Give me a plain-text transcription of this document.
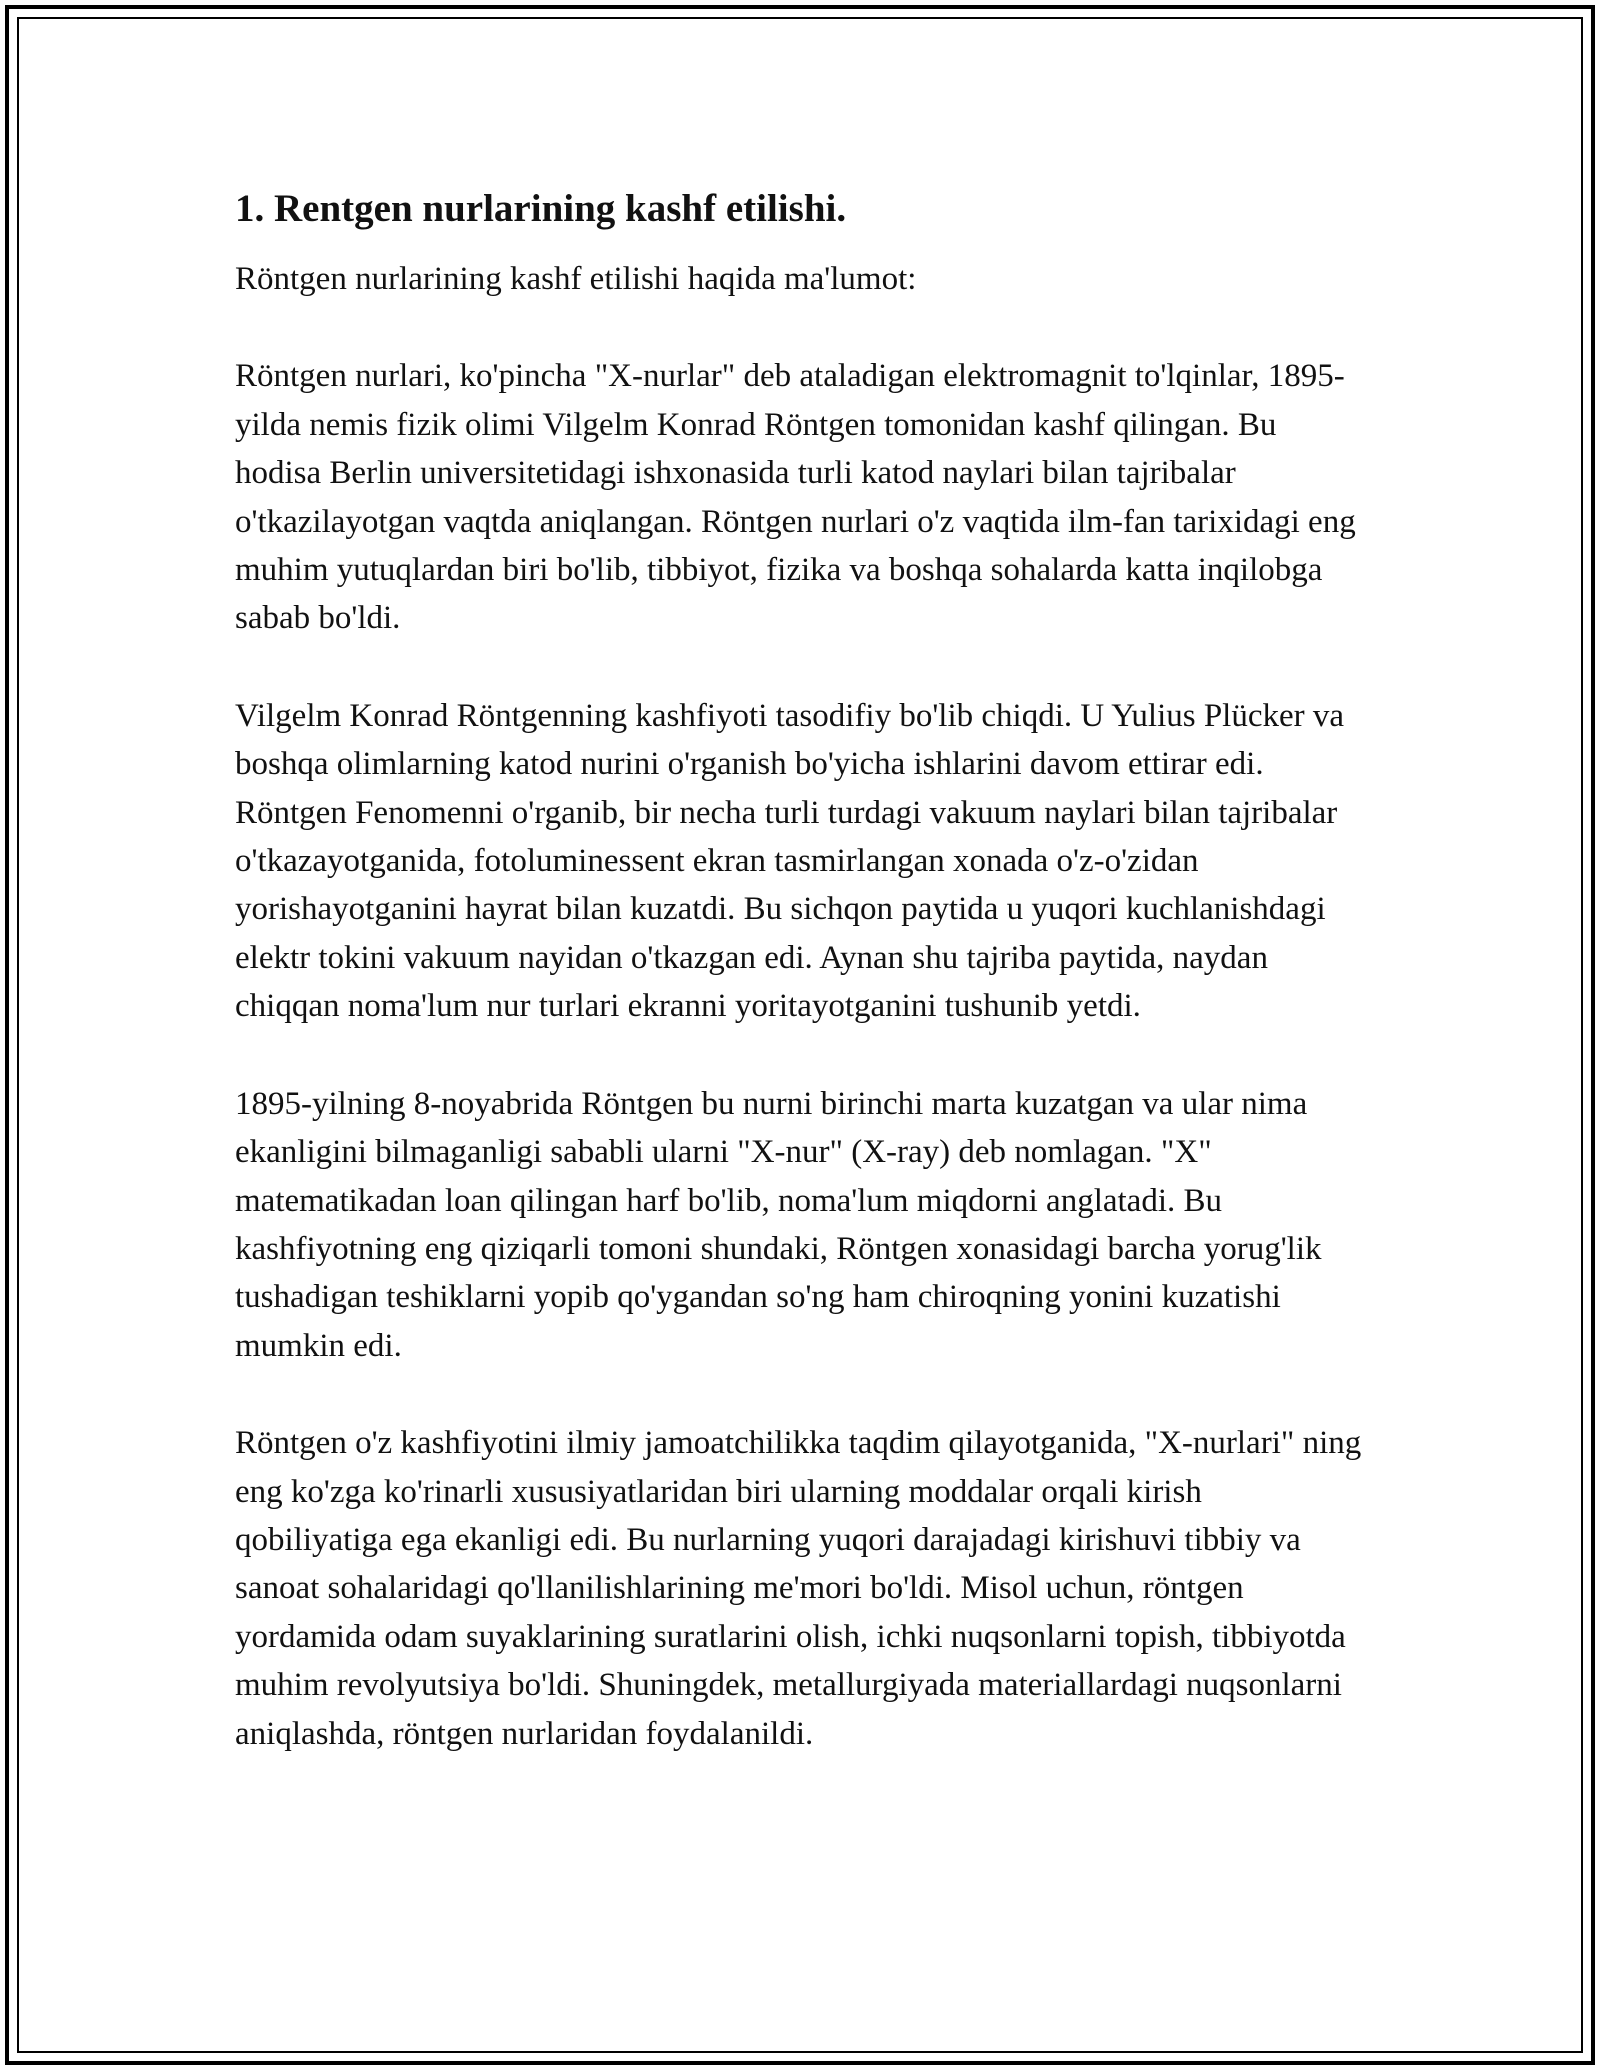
1. Rentgen nurlarining kashf etilishi.

Röntgen nurlarining kashf etilishi haqida ma'lumot:

Röntgen nurlari, ko'pincha "X-nurlar" deb ataladigan elektromagnit to'lqinlar, 1895-yilda nemis fizik olimi Vilgelm Konrad Röntgen tomonidan kashf qilingan. Bu hodisa Berlin universitetidagi ishxonasida turli katod naylari bilan tajribalar o'tkazilayotgan vaqtda aniqlangan. Röntgen nurlari o'z vaqtida ilm-fan tarixidagi eng muhim yutuqlardan biri bo'lib, tibbiyot, fizika va boshqa sohalarda katta inqilobga sabab bo'ldi.

Vilgelm Konrad Röntgenning kashfiyoti tasodifiy bo'lib chiqdi. U Yulius Plücker va boshqa olimlarning katod nurini o'rganish bo'yicha ishlarini davom ettirar edi. Röntgen Fenomenni o'rganib, bir necha turli turdagi vakuum naylari bilan tajribalar o'tkazayotganida, fotoluminessent ekran tasmirlangan xonada o'z-o'zidan yorishayotganini hayrat bilan kuzatdi. Bu sichqon paytida u yuqori kuchlanishdagi elektr tokini vakuum nayidan o'tkazgan edi. Aynan shu tajriba paytida, naydan chiqqan noma'lum nur turlari ekranni yoritayotganini tushunib yetdi.

1895-yilning 8-noyabrida Röntgen bu nurni birinchi marta kuzatgan va ular nima ekanligini bilmaganligi sababli ularni "X-nur" (X-ray) deb nomlagan. "X" matematikadan loan qilingan harf bo'lib, noma'lum miqdorni anglatadi. Bu kashfiyotning eng qiziqarli tomoni shundaki, Röntgen xonasidagi barcha yorug'lik tushadigan teshiklarni yopib qo'ygandan so'ng ham chiroqning yonini kuzatishi mumkin edi.

Röntgen o'z kashfiyotini ilmiy jamoatchilikka taqdim qilayotganida, "X-nurlari" ning eng ko'zga ko'rinarli xususiyatlaridan biri ularning moddalar orqali kirish qobiliyatiga ega ekanligi edi. Bu nurlarning yuqori darajadagi kirishuvi tibbiy va sanoat sohalaridagi qo'llanilishlarining me'mori bo'ldi. Misol uchun, röntgen yordamida odam suyaklarining suratlarini olish, ichki nuqsonlarni topish, tibbiyotda muhim revolyutsiya bo'ldi. Shuningdek, metallurgiyada materiallardagi nuqsonlarni aniqlashda, röntgen nurlaridan foydalanildi.
